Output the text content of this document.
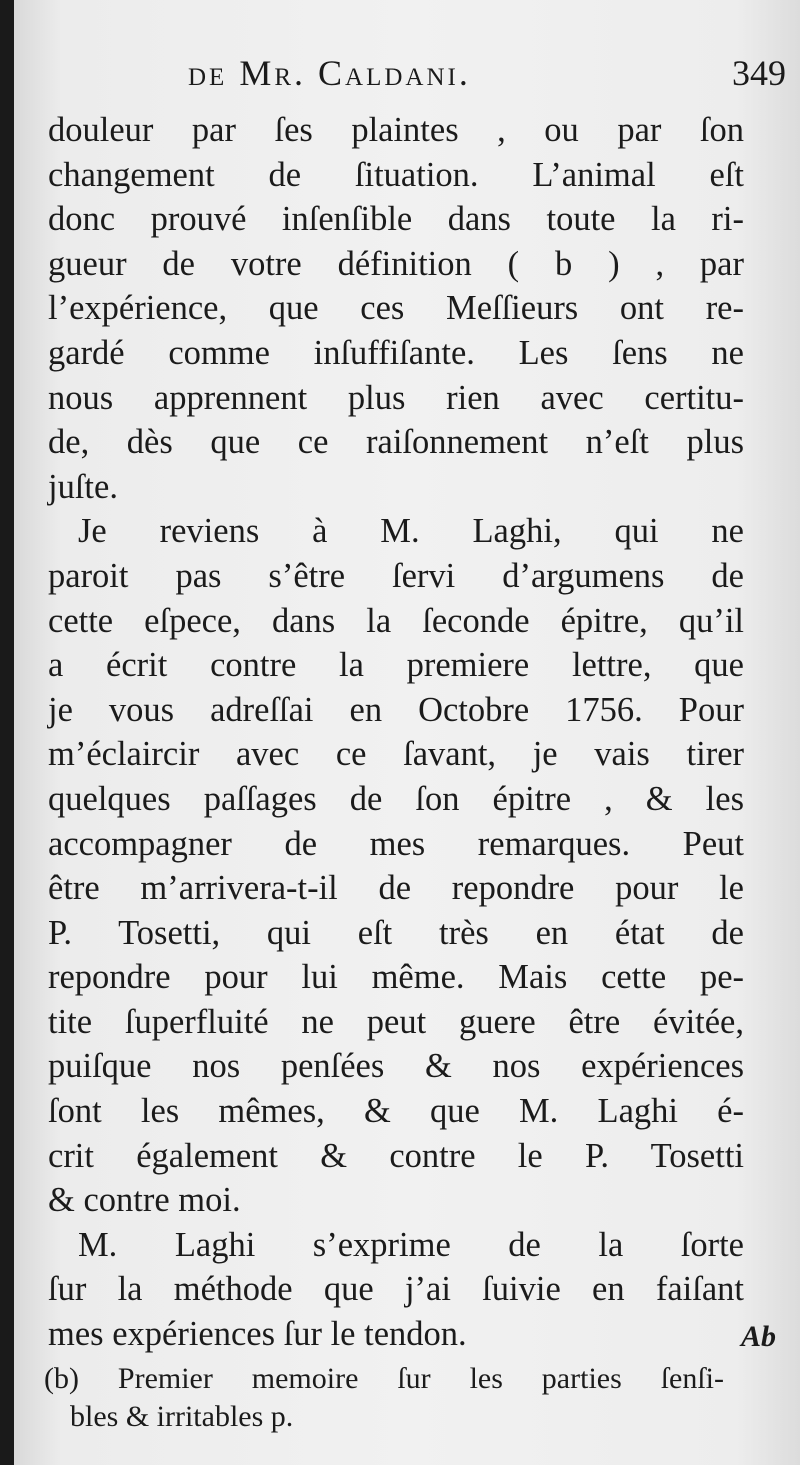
de Mr. Caldani.	349
douleur par ſes plaintes , ou par ſon
changement de ſituation. L’animal eſt
donc prouvé inſenſible dans toute la ri-
gueur de votre définition ( b ) , par
l’expérience, que ces Meſſieurs ont re-
gardé comme inſuffiſante. Les ſens ne
nous apprennent plus rien avec certitu-
de, dès que ce raiſonnement n’eſt plus
juſte.
Je reviens à M. Laghi, qui ne
paroit pas s’être ſervi d’argumens de
cette eſpece, dans la ſeconde épitre, qu’il
a écrit contre la premiere lettre, que
je vous adreſſai en Octobre 1756. Pour
m’éclaircir avec ce ſavant, je vais tirer
quelques paſſages de ſon épitre , & les
accompagner de mes remarques. Peut
être m’arrivera-t-il de repondre pour le
P. Tosetti, qui eſt très en état de
repondre pour lui même. Mais cette pe-
tite ſuperfluité ne peut guere être évitée,
puiſque nos penſées & nos expériences
ſont les mêmes, & que M. Laghi é-
crit également & contre le P. Tosetti
& contre moi.
M. Laghi s’exprime de la ſorte
ſur la méthode que j’ai ſuivie en faiſant
mes expériences ſur le tendon.	Ab
(b) Premier memoire ſur les parties ſenſi-
bles & irritables p.
